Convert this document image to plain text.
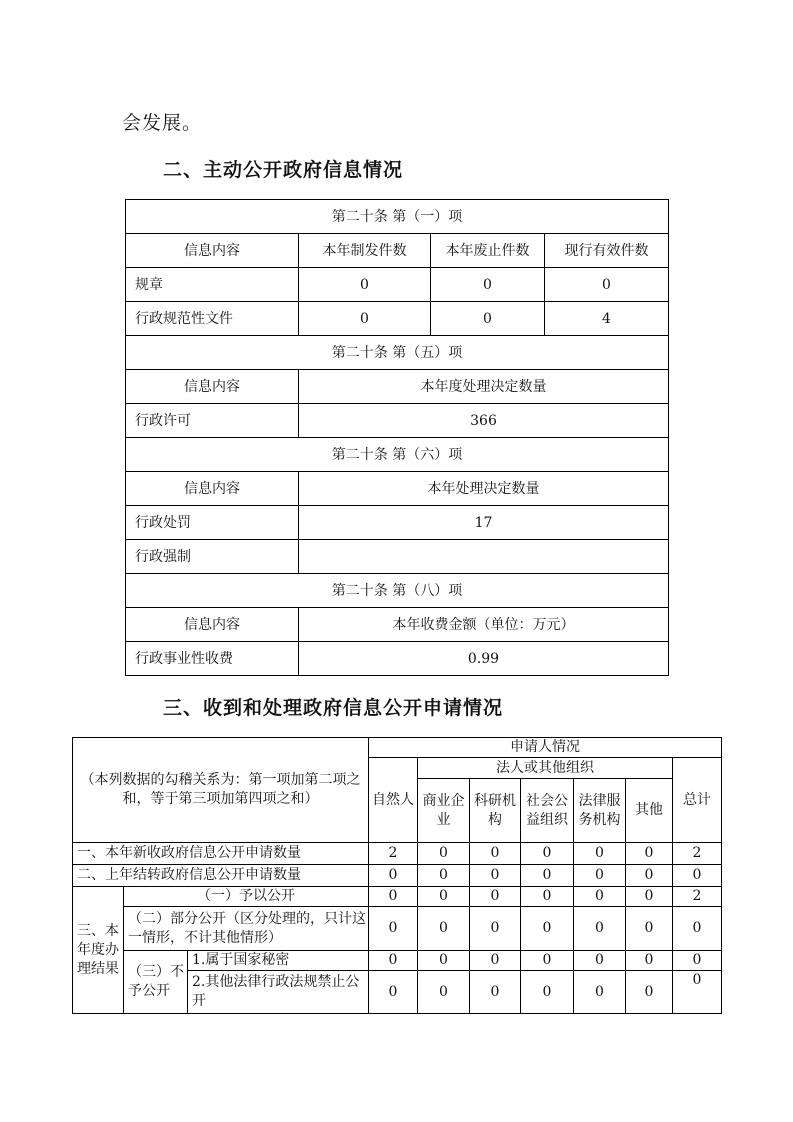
会发展。
二、主动公开政府信息情况
第二十条 第（一）项			
信息内容	本年制发件数	本年废止件数	现行有效件数
规章	0	0	0
行政规范性文件	0	0	4
第二十条 第（五）项			
信息内容	本年度处理决定数量		
行政许可	366		
第二十条 第（六）项			
信息内容	本年处理决定数量		
行政处罚	17		
行政强制			
第二十条 第（八）项			
信息内容	本年收费金额（单位：万元）		
行政事业性收费	0.99		
三、收到和处理政府信息公开申请情况
（本列数据的勾稽关系为：第一项加第二项之和，等于第三项加第四项之和）			申请人情况						
			自然人	法人或其他组织					总计
				商业企业	科研机构	社会公益组织	法律服务机构	其他	
一、本年新收政府信息公开申请数量			2	0	0	0	0	0	2
二、上年结转政府信息公开申请数量			0	0	0	0	0	0	0
三、本年度办理结果	（一）予以公开		0	0	0	0	0	0	2
	（二）部分公开（区分处理的，只计这一情形，不计其他情形）		0	0	0	0	0	0	0
	（三）不予公开	1.属于国家秘密	0	0	0	0	0	0	0
		2.其他法律行政法规禁止公开	0	0	0	0	0	0	0
